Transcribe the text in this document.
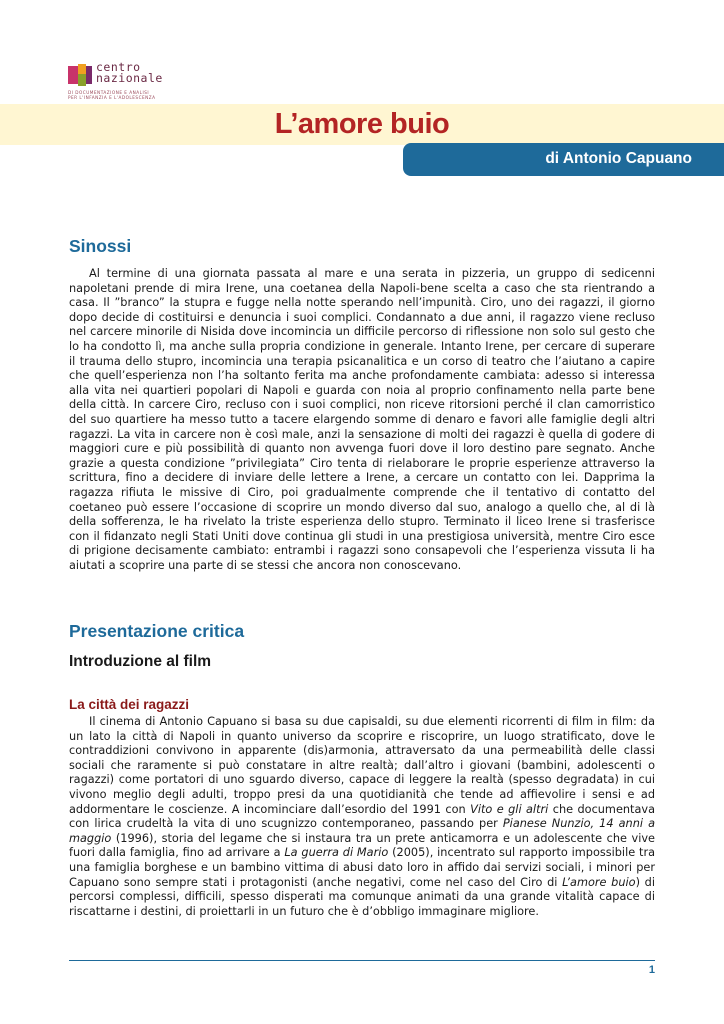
centro
nazionale
DI DOCUMENTAZIONE E ANALISI
PER L'INFANZIA E L'ADOLESCENZA
L’amore buio
di Antonio Capuano
Sinossi

Al termine di una giornata passata al mare e una serata in pizzeria, un gruppo di sedicenni napoletani prende di mira Irene, una coetanea della Napoli-bene scelta a caso che sta rientrando a casa. Il ”branco” la stupra e fugge nella notte sperando nell’impunità. Ciro, uno dei ragazzi, il giorno dopo decide di costituirsi e denuncia i suoi complici. Condannato a due anni, il ragazzo viene recluso nel carcere minorile di Nisida dove incomincia un difficile percorso di riflessione non solo sul gesto che lo ha condotto lì, ma anche sulla propria condizione in generale. Intanto Irene, per cercare di superare il trauma dello stupro, incomincia una terapia psicanalitica e un corso di teatro che l’aiutano a capire che quell’esperienza non l’ha soltanto ferita ma anche profondamente cambiata: adesso si interessa alla vita nei quartieri popolari di Napoli e guarda con noia al proprio confinamento nella parte bene della città. In carcere Ciro, recluso con i suoi complici, non riceve ritorsioni perché il clan camorristico del suo quartiere ha messo tutto a tacere elargendo somme di denaro e favori alle famiglie degli altri ragazzi. La vita in carcere non è così male, anzi la sensazione di molti dei ragazzi è quella di godere di maggiori cure e più possibilità di quanto non avvenga fuori dove il loro destino pare segnato. Anche grazie a questa condizione ”privilegiata” Ciro tenta di rielaborare le proprie esperienze attraverso la scrittura, fino a decidere di inviare delle lettere a Irene, a cercare un contatto con lei. Dapprima la ragazza rifiuta le missive di Ciro, poi gradualmente comprende che il tentativo di contatto del coetaneo può essere l’occasione di scoprire un mondo diverso dal suo, analogo a quello che, al di là della sofferenza, le ha rivelato la triste esperienza dello stupro. Terminato il liceo Irene si trasferisce con il fidanzato negli Stati Uniti dove continua gli studi in una prestigiosa università, mentre Ciro esce di prigione decisamente cambiato: entrambi i ragazzi sono consapevoli che l’esperienza vissuta li ha aiutati a scoprire una parte di se stessi che ancora non conoscevano.

Presentazione critica
Introduzione al film
La città dei ragazzi

Il cinema di Antonio Capuano si basa su due capisaldi, su due elementi ricorrenti di film in film: da un lato la città di Napoli in quanto universo da scoprire e riscoprire, un luogo stratificato, dove le contraddizioni convivono in apparente (dis)armonia, attraversato da una permeabilità delle classi sociali che raramente si può constatare in altre realtà; dall’altro i giovani (bambini, adolescenti o ragazzi) come portatori di uno sguardo diverso, capace di leggere la realtà (spesso degradata) in cui vivono meglio degli adulti, troppo presi da una quotidianità che tende ad affievolire i sensi e ad addormentare le coscienze. A incominciare dall’esordio del 1991 con Vito e gli altri che documentava con lirica crudeltà la vita di uno scugnizzo contemporaneo, passando per Pianese Nunzio, 14 anni a maggio (1996), storia del legame che si instaura tra un prete anticamorra e un adolescente che vive fuori dalla famiglia, fino ad arrivare a La guerra di Mario (2005), incentrato sul rapporto impossibile tra una famiglia borghese e un bambino vittima di abusi dato loro in affido dai servizi sociali, i minori per Capuano sono sempre stati i protagonisti (anche negativi, come nel caso del Ciro di L’amore buio) di percorsi complessi, difficili, spesso disperati ma comunque animati da una grande vitalità capace di riscattarne i destini, di proiettarli in un futuro che è d’obbligo immaginare migliore.

1
